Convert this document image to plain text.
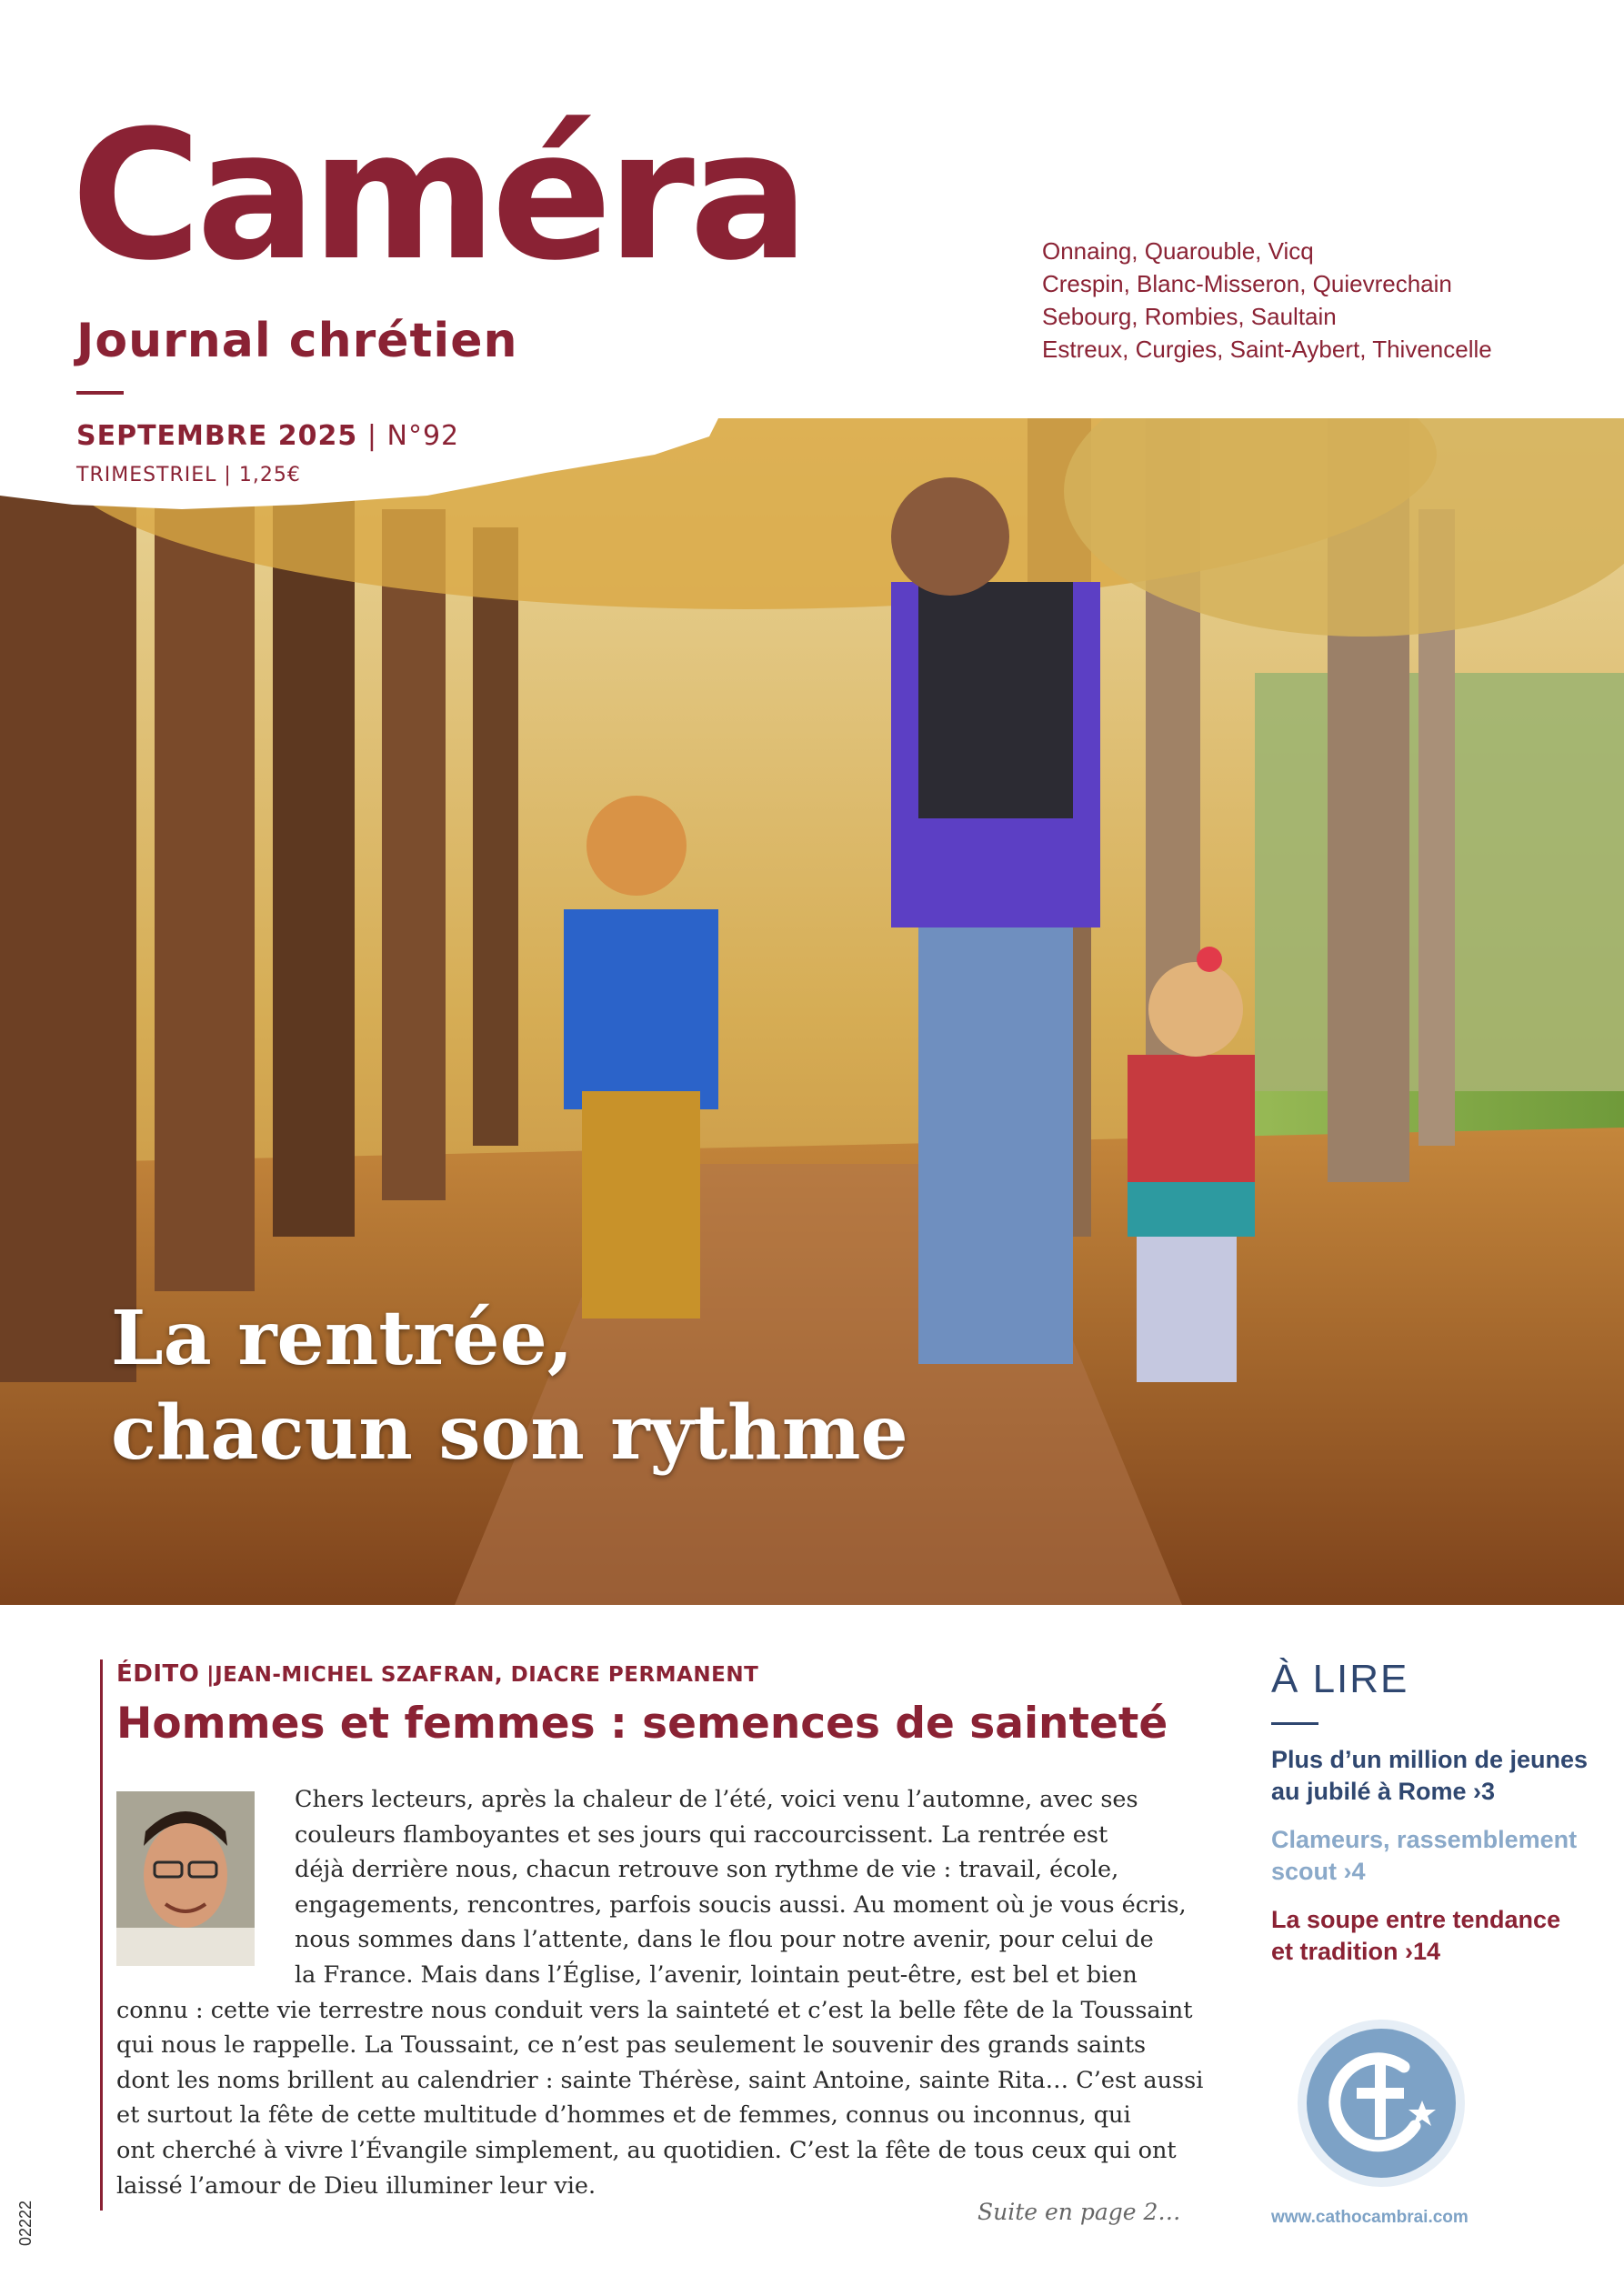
Caméra
Journal chrétien
Onnaing, Quarouble, Vicq
Crespin, Blanc-Misseron, Quievrechain
Sebourg, Rombies, Saultain
Estreux, Curgies, Saint-Aybert, Thivencelle
SEPTEMBRE 2025 | N°92
TRIMESTRIEL | 1,25€
La rentrée,
chacun son rythme
ÉDITO |JEAN-MICHEL SZAFRAN, DIACRE PERMANENT
Hommes et femmes : semences de sainteté
Chers lecteurs, après la chaleur de l’été, voici venu l’automne, avec ses
couleurs flamboyantes et ses jours qui raccourcissent. La rentrée est
déjà derrière nous, chacun retrouve son rythme de vie : travail, école,
engagements, rencontres, parfois soucis aussi. Au moment où je vous écris,
nous sommes dans l’attente, dans le flou pour notre avenir, pour celui de
la France. Mais dans l’Église, l’avenir, lointain peut-être, est bel et bien
connu : cette vie terrestre nous conduit vers la sainteté et c’est la belle fête de la Toussaint
qui nous le rappelle. La Toussaint, ce n’est pas seulement le souvenir des grands saints
dont les noms brillent au calendrier : sainte Thérèse, saint Antoine, sainte Rita… C’est aussi
et surtout la fête de cette multitude d’hommes et de femmes, connus ou inconnus, qui
ont cherché à vivre l’Évangile simplement, au quotidien. C’est la fête de tous ceux qui ont
laissé l’amour de Dieu illuminer leur vie.
Suite en page 2…
À LIRE
Plus d’un million de jeunes
au jubilé à Rome ›3
Clameurs, rassemblement
scout ›4
La soupe entre tendance
et tradition ›14
www.cathocambrai.com
02222
